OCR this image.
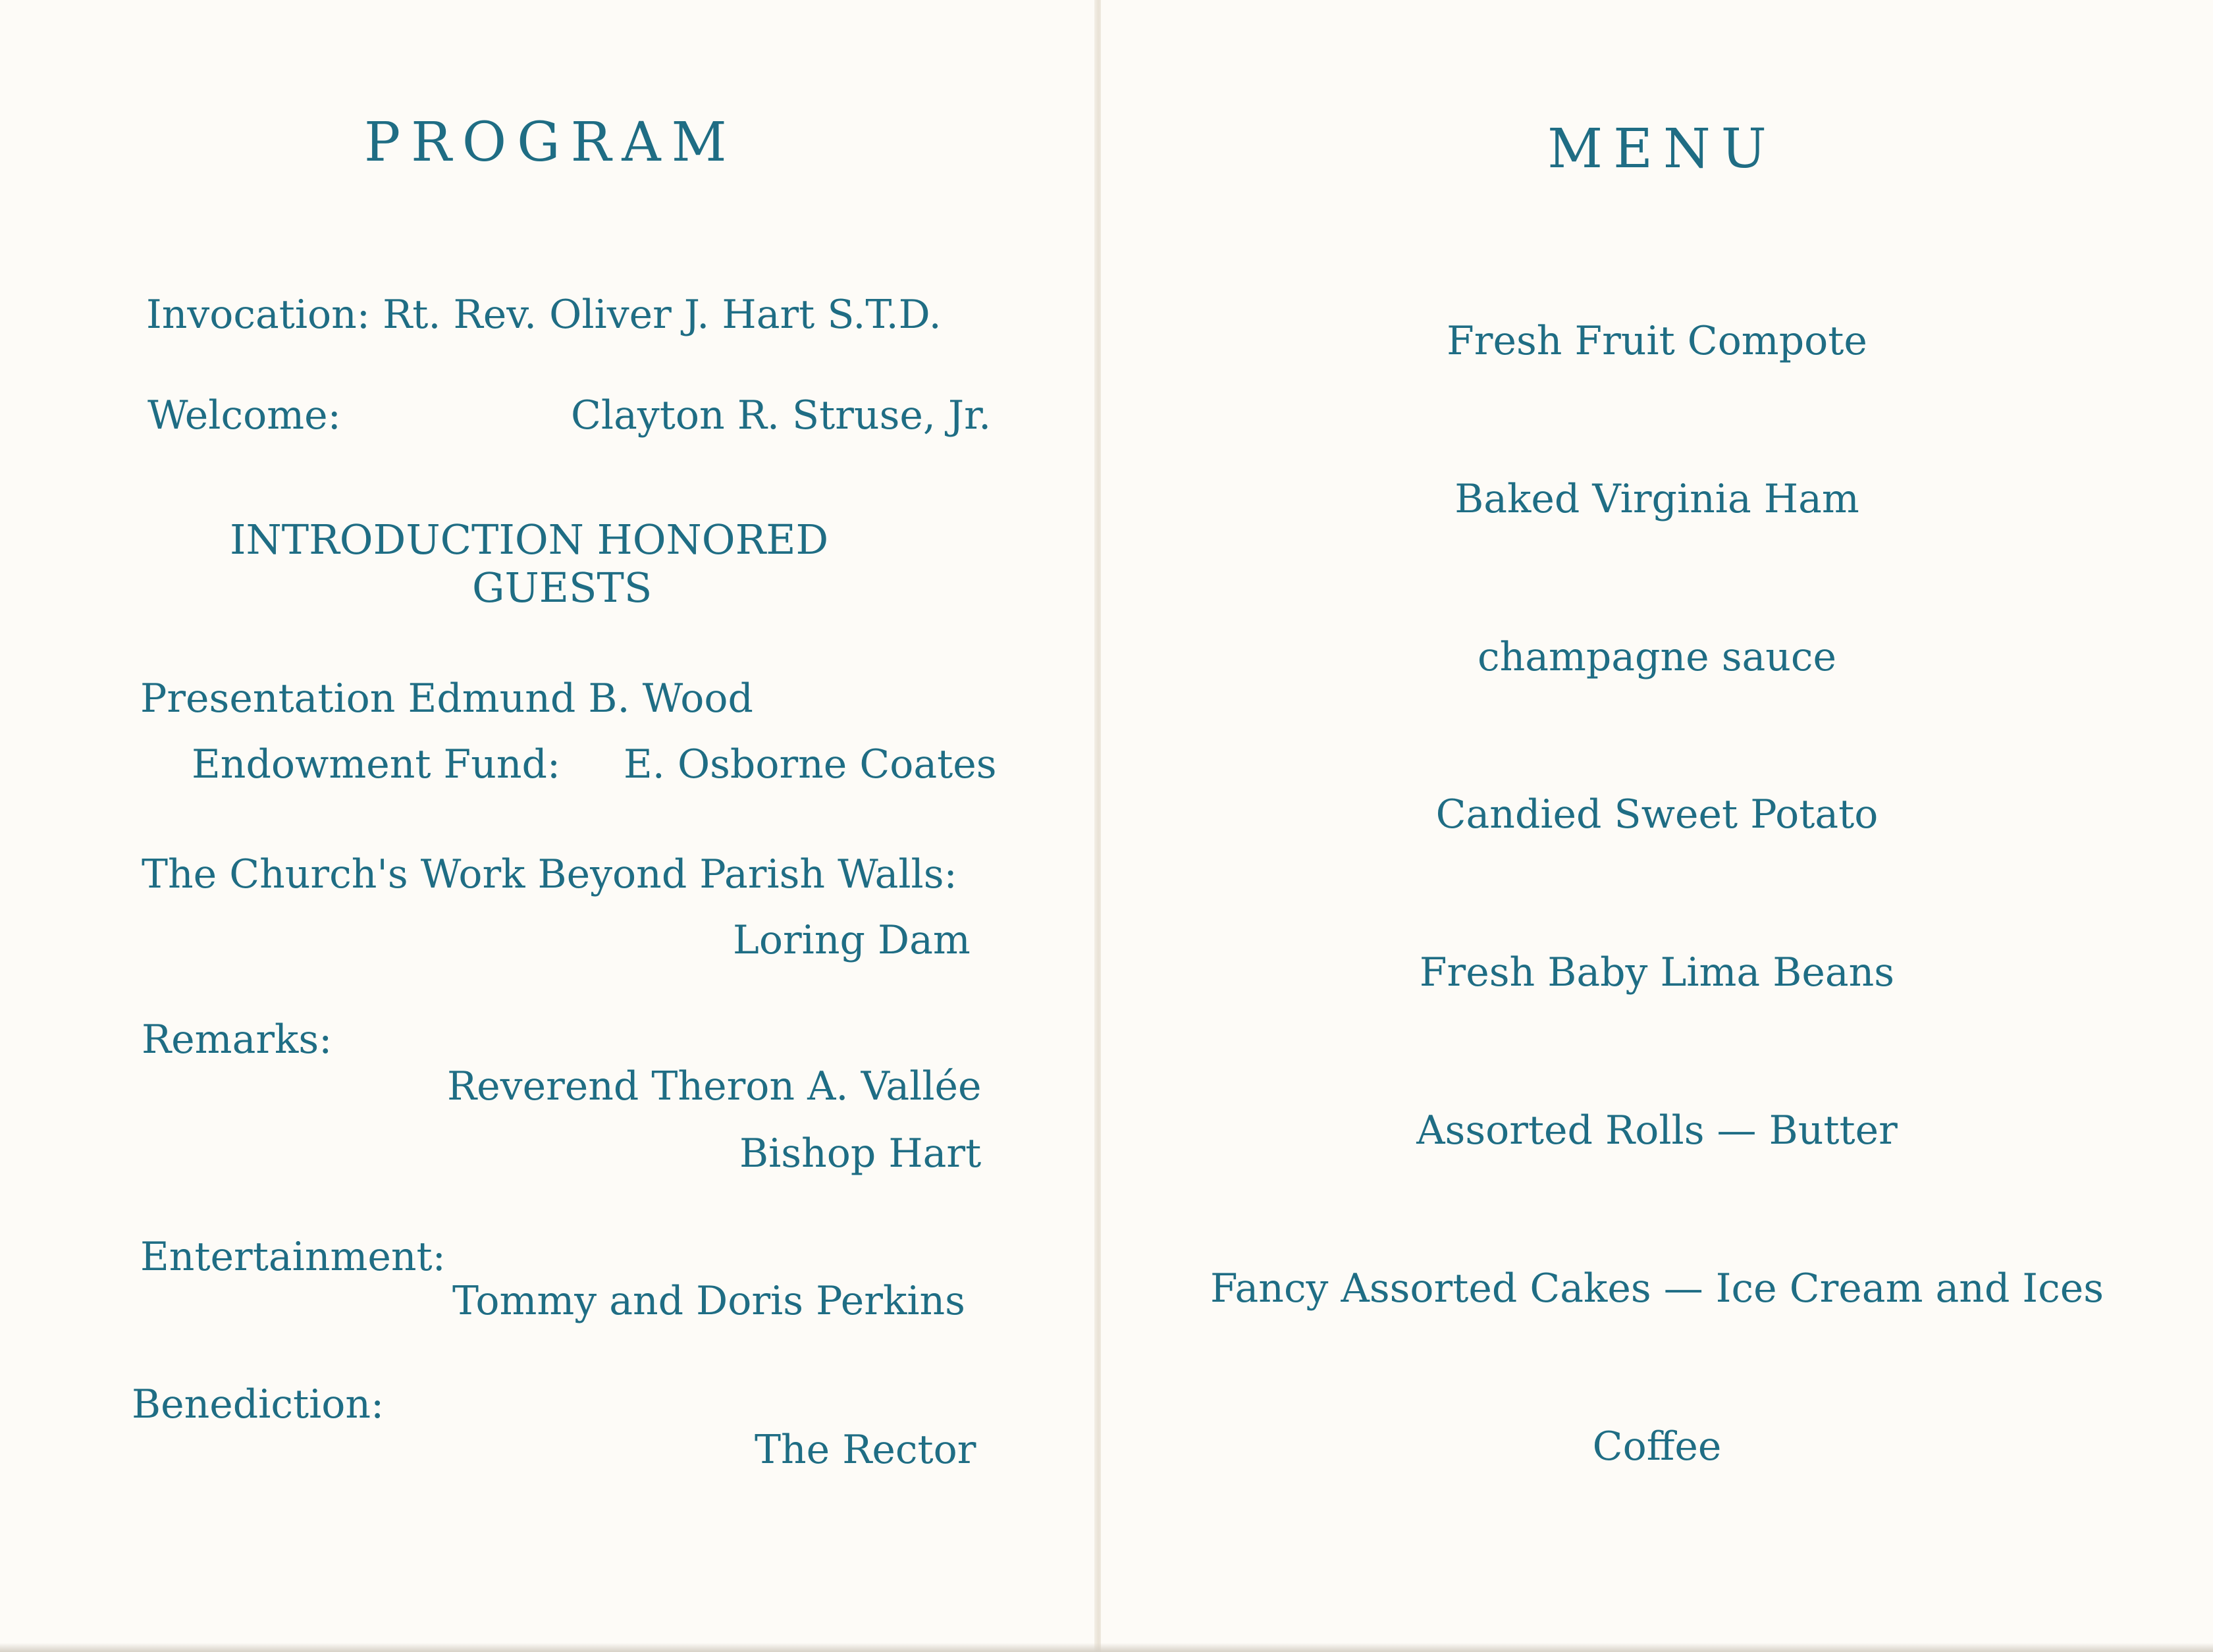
PROGRAM
Invocation: Rt. Rev. Oliver J. Hart S.T.D.
Welcome:	Clayton R. Struse, Jr.
INTRODUCTION HONORED
GUESTS
Presentation Edmund B. Wood
Endowment Fund: E. Osborne Coates
The Church's Work Beyond Parish Walls:
Loring Dam
Remarks:
Reverend Theron A. Vallée
Bishop Hart
Entertainment:
Tommy and Doris Perkins
Benediction:
The Rector
MENU
Fresh Fruit Compote
Baked Virginia Ham
champagne sauce
Candied Sweet Potato
Fresh Baby Lima Beans
Assorted Rolls — Butter
Fancy Assorted Cakes — Ice Cream and Ices
Coffee
